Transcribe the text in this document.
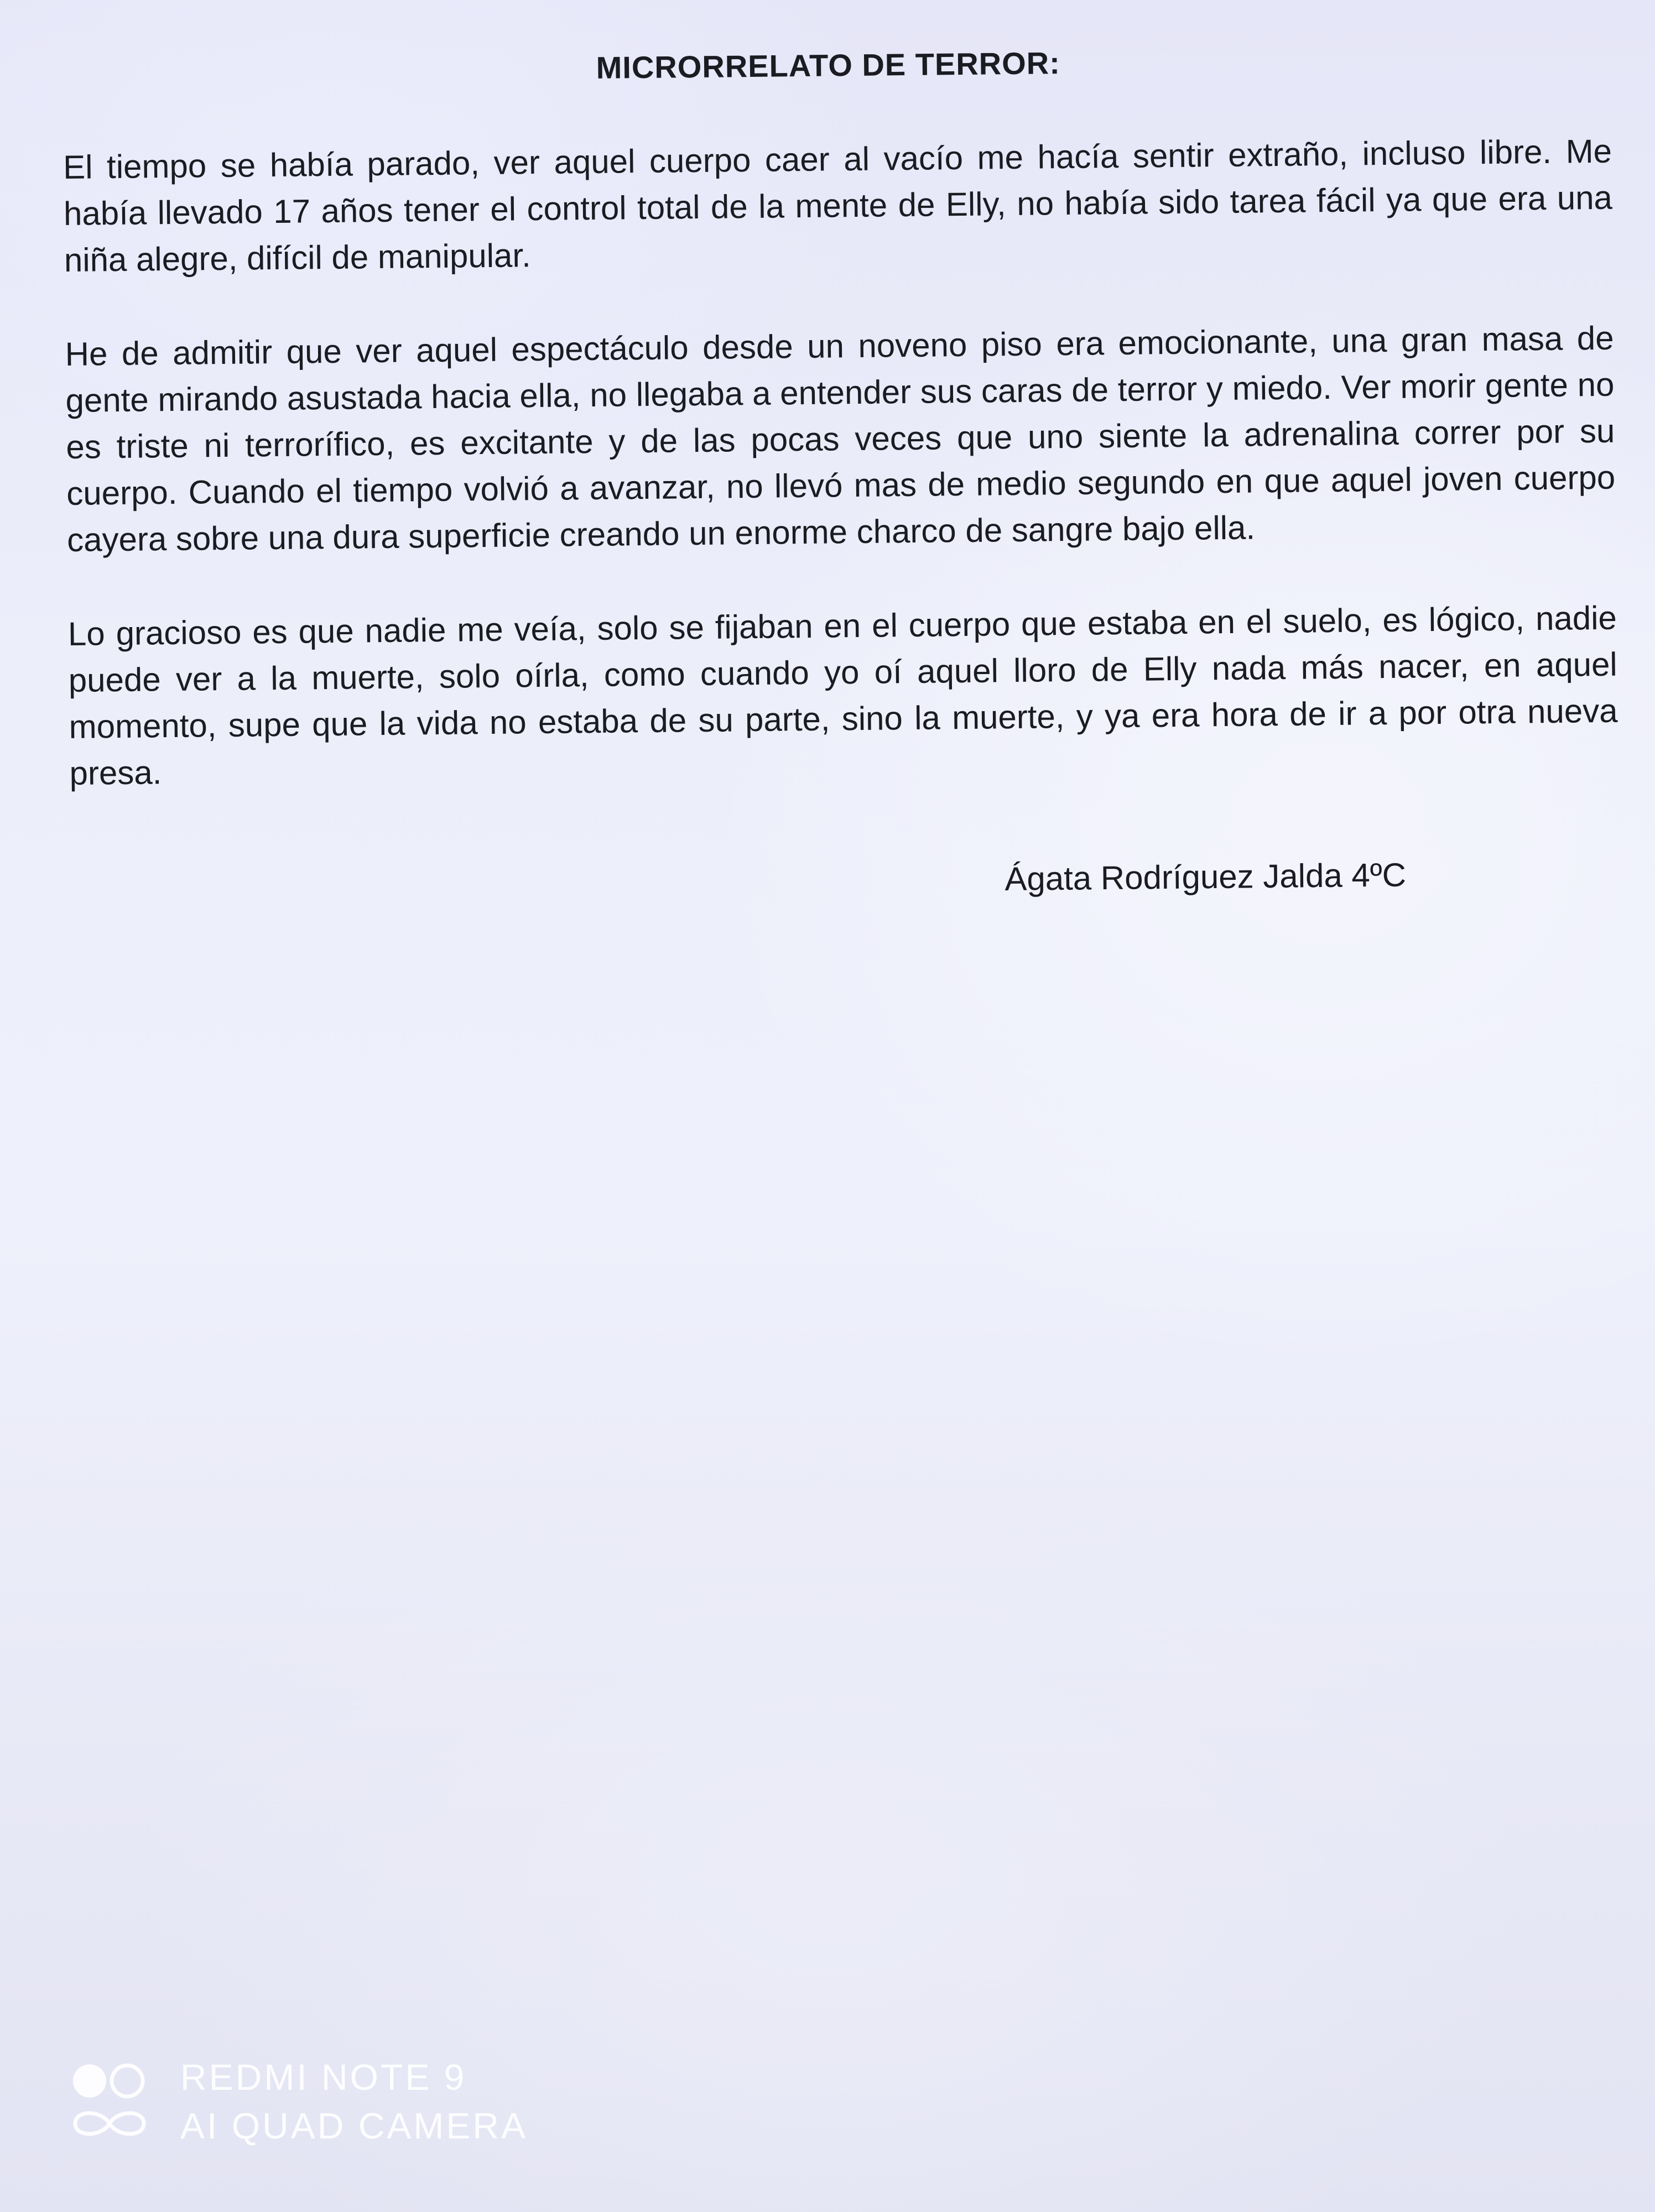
MICRORRELATO DE TERROR:

El tiempo se había parado, ver aquel cuerpo caer al vacío me hacía sentir extraño, incluso libre. Me había llevado 17 años tener el control total de la mente de Elly, no había sido tarea fácil ya que era una niña alegre, difícil de manipular.

He de admitir que ver aquel espectáculo desde un noveno piso era emocionante, una gran masa de gente mirando asustada hacia ella, no llegaba a entender sus caras de terror y miedo. Ver morir gente no es triste ni terrorífico, es excitante y de las pocas veces que uno siente la adrenalina correr por su cuerpo. Cuando el tiempo volvió a avanzar, no llevó mas de medio segundo en que aquel joven cuerpo cayera sobre una dura superficie creando un enorme charco de sangre bajo ella.

Lo gracioso es que nadie me veía, solo se fijaban en el cuerpo que estaba en el suelo, es lógico, nadie puede ver a la muerte, solo oírla, como cuando yo oí aquel lloro de Elly nada más nacer, en aquel momento, supe que la vida no estaba de su parte, sino la muerte, y ya era hora de ir a por otra nueva presa.

Ágata Rodríguez Jalda 4ºC
REDMI NOTE 9
AI QUAD CAMERA
